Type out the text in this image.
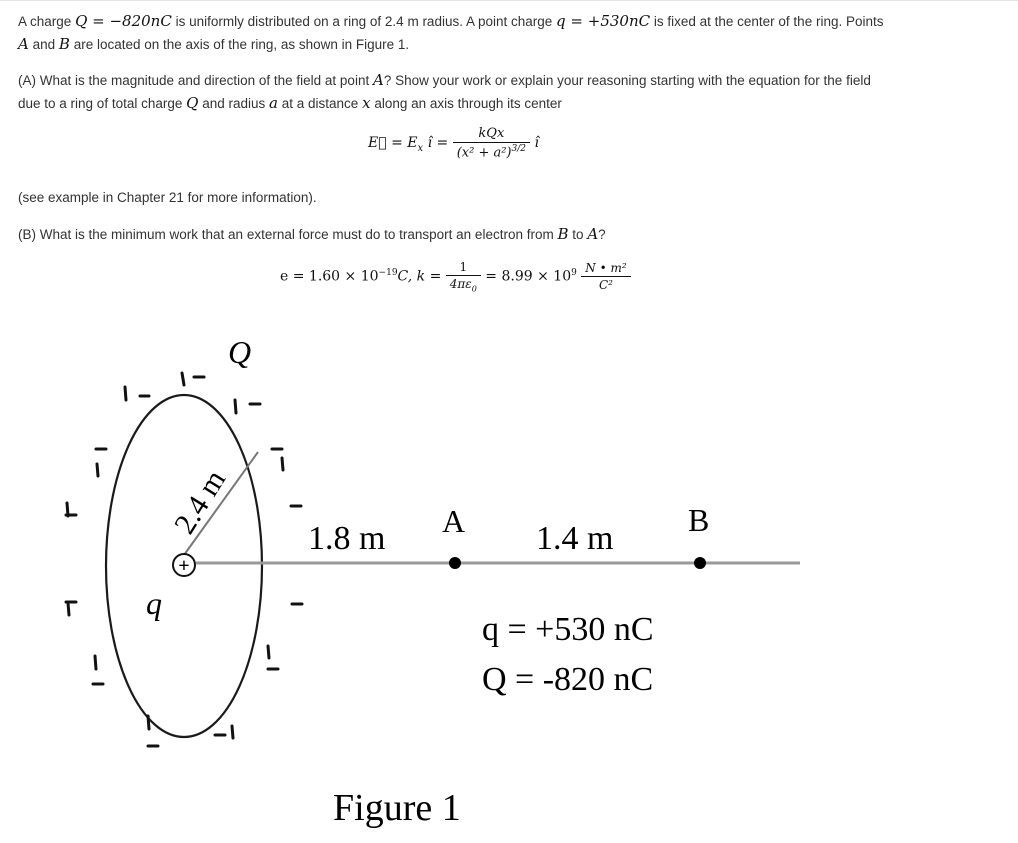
A charge Q = −820nC is uniformly distributed on a ring of 2.4 m radius. A point charge q = +530nC is fixed at the center of the ring. Points
A and B are located on the axis of the ring, as shown in Figure 1.
(A) What is the magnitude and direction of the field at point A? Show your work or explain your reasoning starting with the equation for the field
due to a ring of total charge Q and radius a at a distance x along an axis through its center
E⃗ = $E_x$ î = $\frac{\text{kQx}}{(x^2 + a^2)^{3/2}}$ î
(see example in Chapter 21 for more information).
(B) What is the minimum work that an external force must do to transport an electron from B to A?
$e = 1.60 \times 10^{-19}C$, $k = \frac{1}{4\pi\varepsilon_0} = 8.99 \times 10^9 \frac{\text{N • m²}}{\text{C²}}$
+
Q
q
2.4 m 1.8 m	1.4 m
A	B
q = +530 nC
Q = -820 nC
Figure 1
